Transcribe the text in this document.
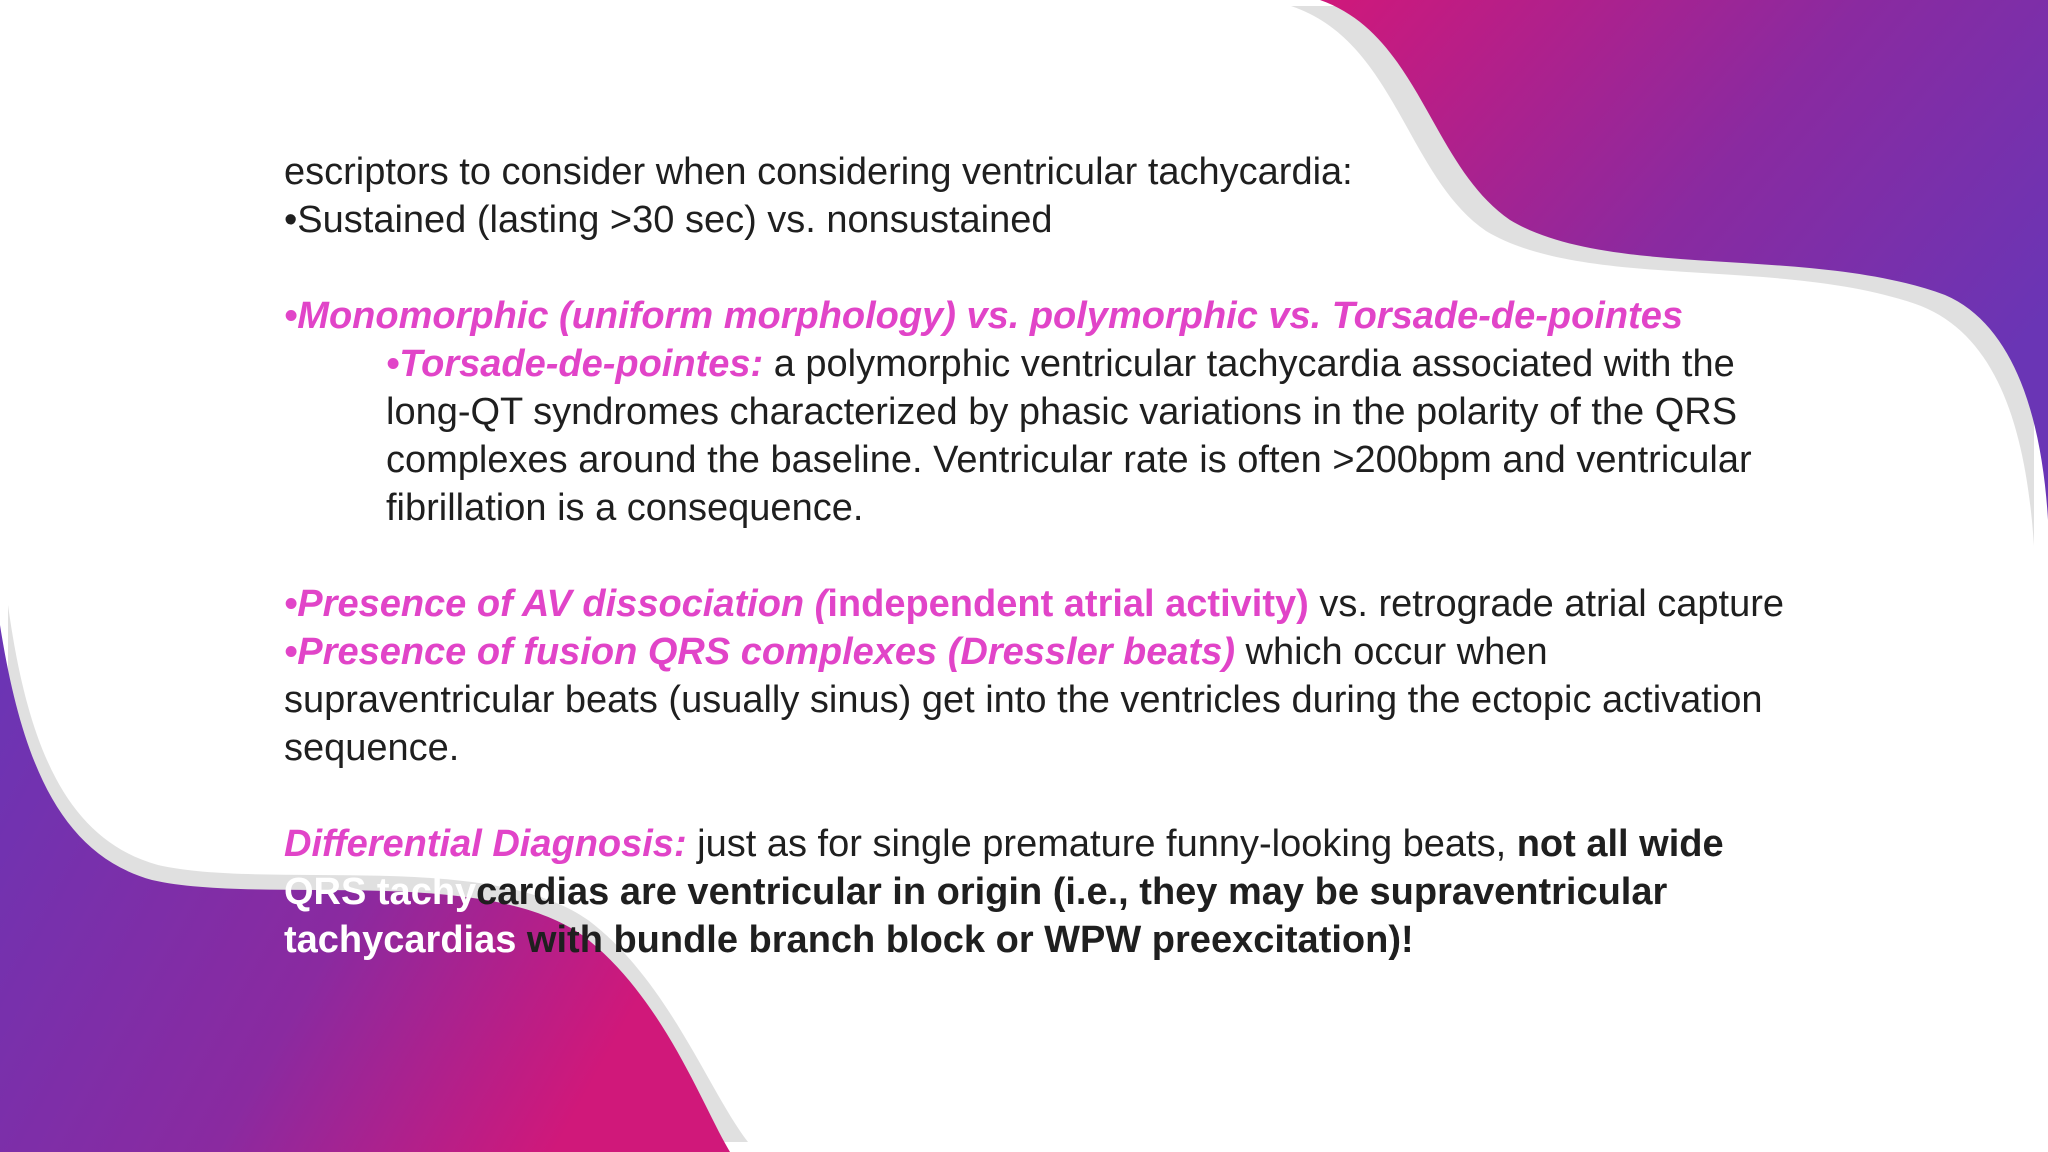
escriptors to consider when considering ventricular tachycardia:
•Sustained (lasting >30 sec) vs. nonsustained
•Monomorphic (uniform morphology) vs. polymorphic vs. Torsade-de-pointes
•Torsade-de-pointes: a polymorphic ventricular tachycardia associated with the
long-QT syndromes characterized by phasic variations in the polarity of the QRS
complexes around the baseline. Ventricular rate is often >200bpm and ventricular
fibrillation is a consequence.
•Presence of AV dissociation (independent atrial activity) vs. retrograde atrial capture
•Presence of fusion QRS complexes (Dressler beats) which occur when
supraventricular beats (usually sinus) get into the ventricles during the ectopic activation
sequence.
Differential Diagnosis: just as for single premature funny-looking beats, not all wide
QRS tachycardias are ventricular in origin (i.e., they may be supraventricular
tachycardias with bundle branch block or WPW preexcitation)!
